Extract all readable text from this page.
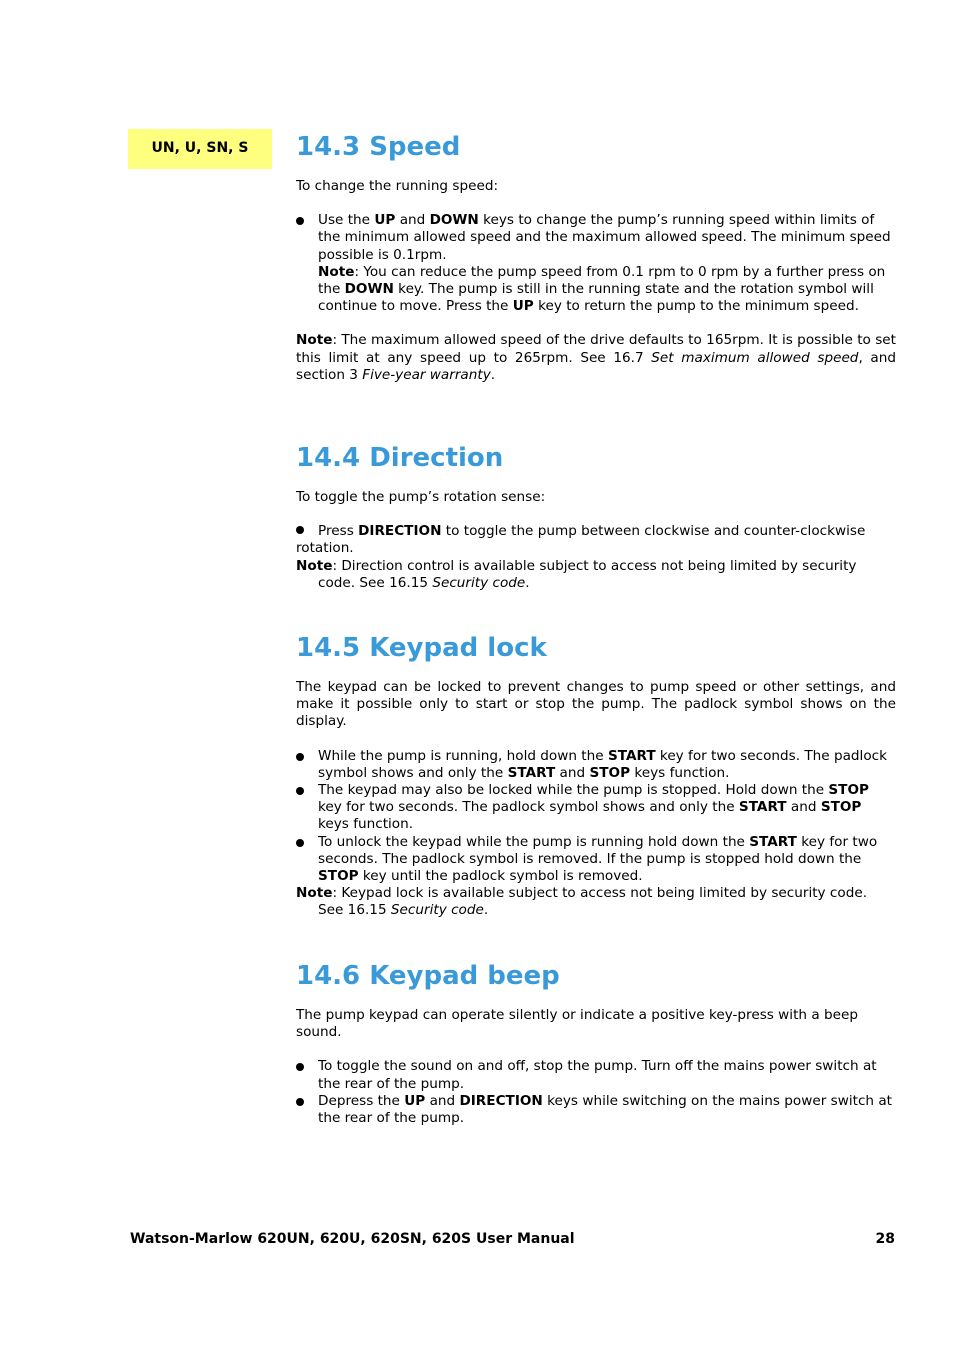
UN, U, SN, S 14.3 Speed

To change the running speed:

Use the UP and DOWN keys to change the pump’s running speed within limits of the minimum allowed speed and the maximum allowed speed. The minimum speed possible is 0.1rpm.
Note: You can reduce the pump speed from 0.1 rpm to 0 rpm by a further press on the DOWN key. The pump is still in the running state and the rotation symbol will continue to move. Press the UP key to return the pump to the minimum speed.

Note: The maximum allowed speed of the drive defaults to 165rpm. It is possible to set this limit at any speed up to 265rpm. See 16.7 Set maximum allowed speed, and section 3 Five-year warranty.

14.4 Direction

To toggle the pump’s rotation sense:

Press DIRECTION to toggle the pump between clockwise and counter-clockwise rotation.

Note: Direction control is available subject to access not being limited by security code. See 16.15 Security code.

14.5 Keypad lock

The keypad can be locked to prevent changes to pump speed or other settings, and make it possible only to start or stop the pump. The padlock symbol shows on the display.

While the pump is running, hold down the START key for two seconds. The padlock symbol shows and only the START and STOP keys function.
The keypad may also be locked while the pump is stopped. Hold down the STOP key for two seconds. The padlock symbol shows and only the START and STOP keys function.
To unlock the keypad while the pump is running hold down the START key for two seconds. The padlock symbol is removed. If the pump is stopped hold down the STOP key until the padlock symbol is removed.

Note: Keypad lock is available subject to access not being limited by security code. See 16.15 Security code.

14.6 Keypad beep

The pump keypad can operate silently or indicate a positive key-press with a beep sound.

To toggle the sound on and off, stop the pump. Turn off the mains power switch at the rear of the pump.
Depress the UP and DIRECTION keys while switching on the mains power switch at the rear of the pump.
Watson-Marlow 620UN, 620U, 620SN, 620S User Manual	28
